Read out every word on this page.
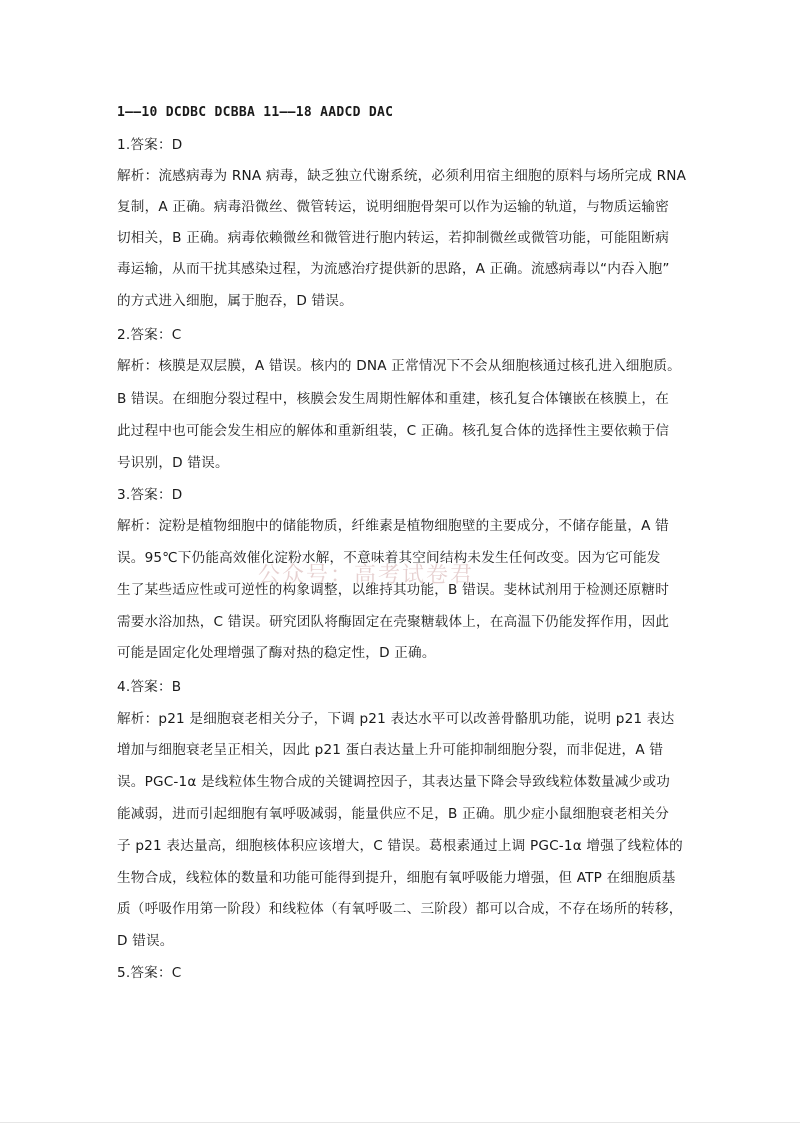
1——10 DCDBC DCBBA 11——18 AADCD DAC
1.答案：D
解析：流感病毒为 RNA 病毒，缺乏独立代谢系统，必须利用宿主细胞的原料与场所完成 RNA
复制，A 正确。病毒沿微丝、微管转运，说明细胞骨架可以作为运输的轨道，与物质运输密
切相关，B 正确。病毒依赖微丝和微管进行胞内转运，若抑制微丝或微管功能，可能阻断病
毒运输，从而干扰其感染过程，为流感治疗提供新的思路，A 正确。流感病毒以“内吞入胞”
的方式进入细胞，属于胞吞，D 错误。
2.答案：C
解析：核膜是双层膜，A 错误。核内的 DNA 正常情况下不会从细胞核通过核孔进入细胞质。
B 错误。在细胞分裂过程中，核膜会发生周期性解体和重建，核孔复合体镶嵌在核膜上，在
此过程中也可能会发生相应的解体和重新组装，C 正确。核孔复合体的选择性主要依赖于信
号识别，D 错误。
3.答案：D
解析：淀粉是植物细胞中的储能物质，纤维素是植物细胞壁的主要成分，不储存能量，A 错
误。95℃下仍能高效催化淀粉水解，不意味着其空间结构未发生任何改变。因为它可能发
生了某些适应性或可逆性的构象调整，以维持其功能，B 错误。斐林试剂用于检测还原糖时
需要水浴加热，C 错误。研究团队将酶固定在壳聚糖载体上，在高温下仍能发挥作用，因此
可能是固定化处理增强了酶对热的稳定性，D 正确。
4.答案：B
解析：p21 是细胞衰老相关分子，下调 p21 表达水平可以改善骨骼肌功能，说明 p21 表达
增加与细胞衰老呈正相关，因此 p21 蛋白表达量上升可能抑制细胞分裂，而非促进，A 错
误。PGC-1α 是线粒体生物合成的关键调控因子，其表达量下降会导致线粒体数量减少或功
能减弱，进而引起细胞有氧呼吸减弱，能量供应不足，B 正确。肌少症小鼠细胞衰老相关分
子 p21 表达量高，细胞核体积应该增大，C 错误。葛根素通过上调 PGC-1α 增强了线粒体的
生物合成，线粒体的数量和功能可能得到提升，细胞有氧呼吸能力增强，但 ATP 在细胞质基
质（呼吸作用第一阶段）和线粒体（有氧呼吸二、三阶段）都可以合成，不存在场所的转移，
D 错误。
5.答案：C
公众号：高考试卷君
